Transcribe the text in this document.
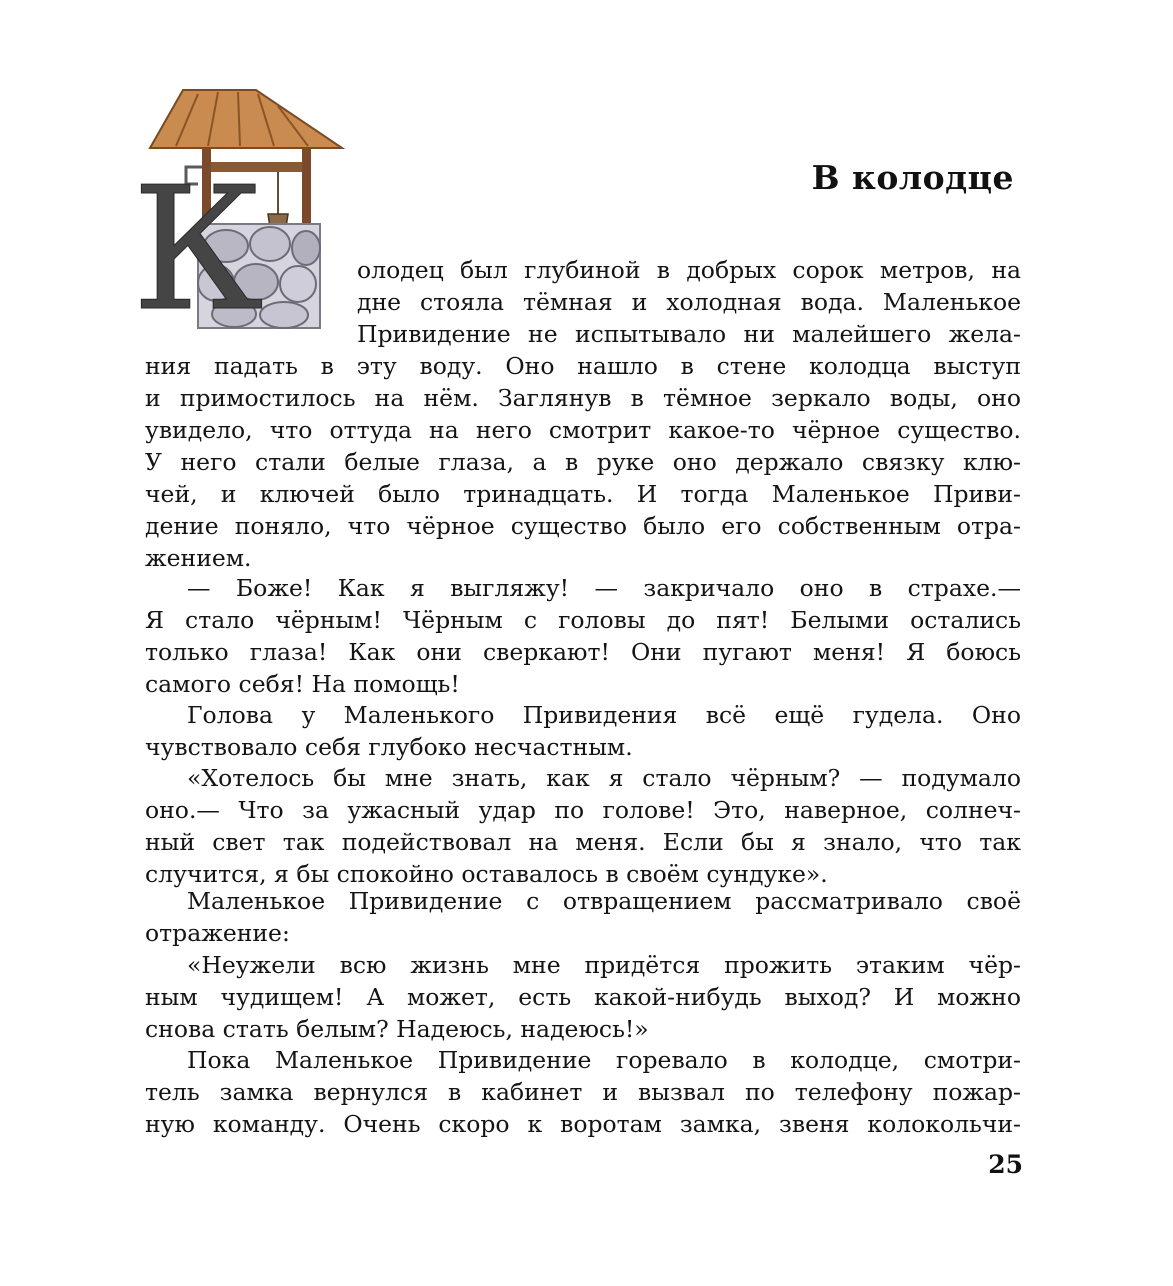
К	В колодце
олодец был глубиной в добрых сорок метров, на
дне стояла тёмная и холодная вода. Маленькое
Привидение не испытывало ни малейшего жела-
ния падать в эту воду. Оно нашло в стене колодца выступ
и примостилось на нём. Заглянув в тёмное зеркало воды, оно
увидело, что оттуда на него смотрит какое-то чёрное существо.
У него стали белые глаза, а в руке оно держало связку клю-
чей, и ключей было тринадцать. И тогда Маленькое Приви-
дение поняло, что чёрное существо было его собственным отра-
жением.
— Боже! Как я выгляжу! — закричало оно в страхе.—
Я стало чёрным! Чёрным с головы до пят! Белыми остались
только глаза! Как они сверкают! Они пугают меня! Я боюсь
самого себя! На помощь!
Голова у Маленького Привидения всё ещё гудела. Оно
чувствовало себя глубоко несчастным.
«Хотелось бы мне знать, как я стало чёрным? — подумало
оно.— Что за ужасный удар по голове! Это, наверное, солнеч-
ный свет так подействовал на меня. Если бы я знало, что так
случится, я бы спокойно оставалось в своём сундуке».
Маленькое Привидение с отвращением рассматривало своё
отражение:
«Неужели всю жизнь мне придётся прожить этаким чёр-
ным чудищем! А может, есть какой-нибудь выход? И можно
снова стать белым? Надеюсь, надеюсь!»
Пока Маленькое Привидение горевало в колодце, смотри-
тель замка вернулся в кабинет и вызвал по телефону пожар-
ную команду. Очень скоро к воротам замка, звеня колокольчи-
25
